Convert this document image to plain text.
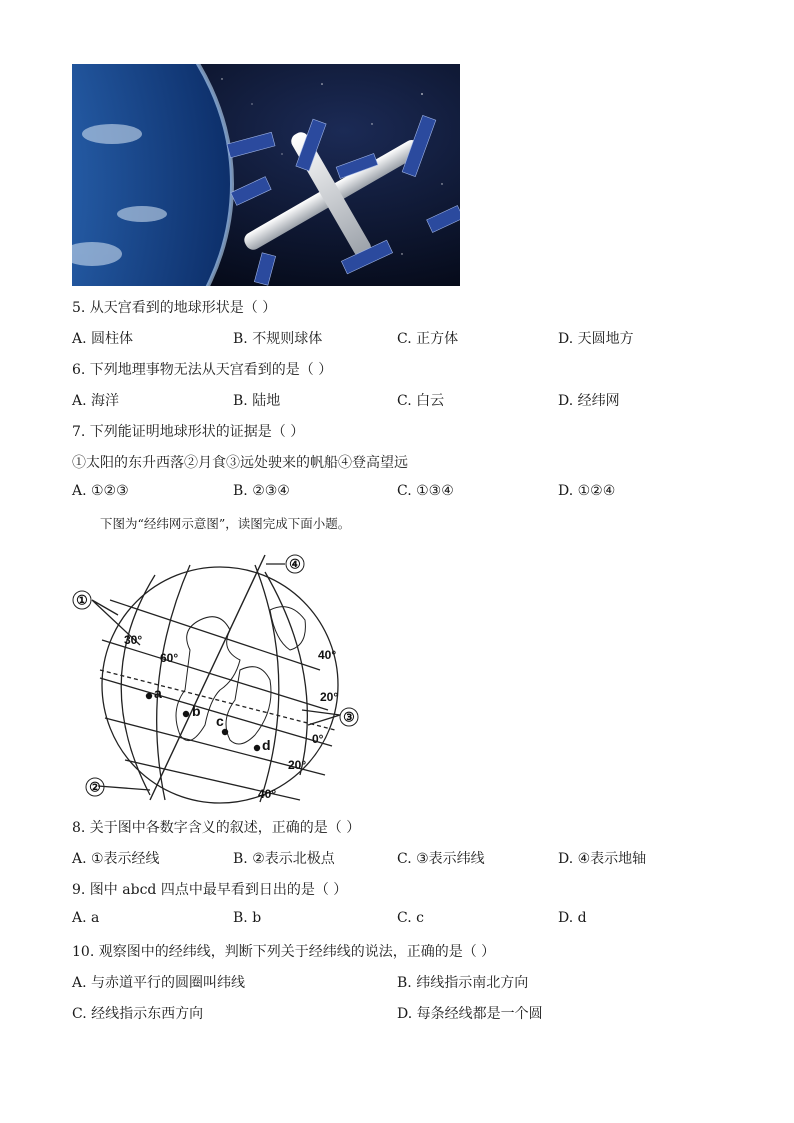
5. 从天宫看到的地球形状是（ ）
A. 圆柱体	B. 不规则球体	C. 正方体	D. 天圆地方
6. 下列地理事物无法从天宫看到的是（ ）
A. 海洋	B. 陆地	C. 白云	D. 经纬网
7. 下列能证明地球形状的证据是（ ）
①太阳的东升西落②月食③远处驶来的帆船④登高望远
A. ①②③	B. ②③④	C. ①③④	D. ①②④
下图为“经纬网示意图”，读图完成下面小题。
①
②
③
④
30°
60°	40°
20°
0°
20°
40°
a
b
c
d
8. 关于图中各数字含义的叙述，正确的是（ ）
A. ①表示经线	B. ②表示北极点	C. ③表示纬线	D. ④表示地轴
9. 图中 abcd 四点中最早看到日出的是（ ）
A. a	B. b	C. c	D. d
10. 观察图中的经纬线，判断下列关于经纬线的说法，正确的是（ ）
A. 与赤道平行的圆圈叫纬线	B. 纬线指示南北方向
C. 经线指示东西方向	D. 每条经线都是一个圆
